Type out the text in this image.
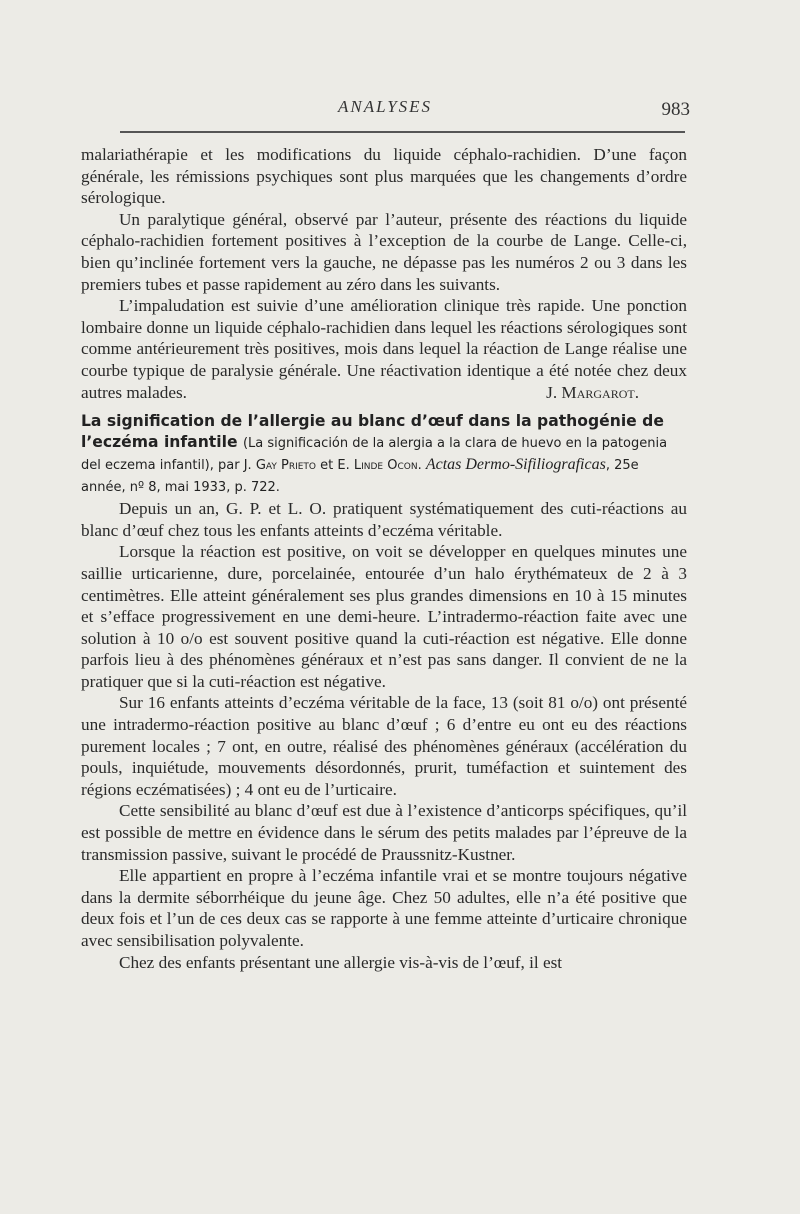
ANALYSES	983

malariathérapie et les modifications du liquide céphalo-rachidien. D’une façon générale, les rémissions psychiques sont plus marquées que les changements d’ordre sérologique.

Un paralytique général, observé par l’auteur, présente des réactions du liquide céphalo-rachidien fortement positives à l’exception de la courbe de Lange. Celle-ci, bien qu’inclinée fortement vers la gauche, ne dépasse pas les numéros 2 ou 3 dans les premiers tubes et passe rapidement au zéro dans les suivants.

L’impaludation est suivie d’une amélioration clinique très rapide. Une ponction lombaire donne un liquide céphalo-rachidien dans lequel les réactions sérologiques sont comme antérieurement très positives, mois dans lequel la réaction de Lange réalise une courbe typique de paralysie générale. Une réactivation identique a été notée chez deux autres malades.	J. Margarot.

La signification de l’allergie au blanc d’œuf dans la pathogénie de l’eczéma infantile (La significación de la alergia a la clara de huevo en la patogenia del eczema infantil), par J. Gay Prieto et E. Linde Ocon. Actas Dermo-Sifiliograficas, 25e année, nº 8, mai 1933, p. 722.

Depuis un an, G. P. et L. O. pratiquent systématiquement des cuti-réactions au blanc d’œuf chez tous les enfants atteints d’eczéma véritable.

Lorsque la réaction est positive, on voit se développer en quelques minutes une saillie urticarienne, dure, porcelainée, entourée d’un halo érythémateux de 2 à 3 centimètres. Elle atteint généralement ses plus grandes dimensions en 10 à 15 minutes et s’efface progressivement en une demi-heure. L’intradermo-réaction faite avec une solution à 10 o/o est souvent positive quand la cuti-réaction est négative. Elle donne parfois lieu à des phénomènes généraux et n’est pas sans danger. Il convient de ne la pratiquer que si la cuti-réaction est négative.

Sur 16 enfants atteints d’eczéma véritable de la face, 13 (soit 81 o/o) ont présenté une intradermo-réaction positive au blanc d’œuf ; 6 d’entre eu ont eu des réactions purement locales ; 7 ont, en outre, réalisé des phénomènes généraux (accélération du pouls, inquiétude, mouvements désordonnés, prurit, tuméfaction et suintement des régions eczématisées) ; 4 ont eu de l’urticaire.

Cette sensibilité au blanc d’œuf est due à l’existence d’anticorps spécifiques, qu’il est possible de mettre en évidence dans le sérum des petits malades par l’épreuve de la transmission passive, suivant le procédé de Praussnitz-Kustner.

Elle appartient en propre à l’eczéma infantile vrai et se montre toujours négative dans la dermite séborrhéique du jeune âge. Chez 50 adultes, elle n’a été positive que deux fois et l’un de ces deux cas se rapporte à une femme atteinte d’urticaire chronique avec sensibilisation polyvalente.

Chez des enfants présentant une allergie vis-à-vis de l’œuf, il est
